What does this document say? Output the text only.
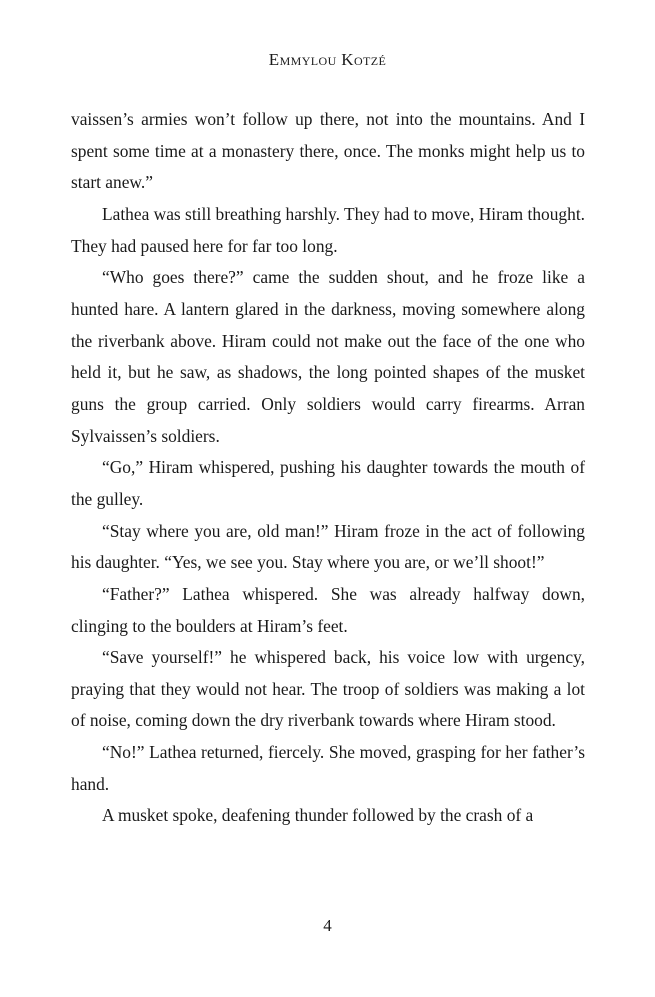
Emmylou Kotzé

vaissen’s armies won’t follow up there, not into the mountains. And I spent some time at a monastery there, once. The monks might help us to start anew.”

Lathea was still breathing harshly. They had to move, Hiram thought. They had paused here for far too long.

“Who goes there?” came the sudden shout, and he froze like a hunted hare. A lantern glared in the darkness, moving somewhere along the riverbank above. Hiram could not make out the face of the one who held it, but he saw, as shadows, the long pointed shapes of the musket guns the group carried. Only soldiers would carry firearms. Arran Sylvaissen’s soldiers.

“Go,” Hiram whispered, pushing his daughter towards the mouth of the gulley.

“Stay where you are, old man!” Hiram froze in the act of following his daughter. “Yes, we see you. Stay where you are, or we’ll shoot!”

“Father?” Lathea whispered. She was already halfway down, clinging to the boulders at Hiram’s feet.

“Save yourself!” he whispered back, his voice low with urgency, praying that they would not hear. The troop of soldiers was making a lot of noise, coming down the dry riverbank towards where Hiram stood.

“No!” Lathea returned, fiercely. She moved, grasping for her father’s hand.

A musket spoke, deafening thunder followed by the crash of a

4
